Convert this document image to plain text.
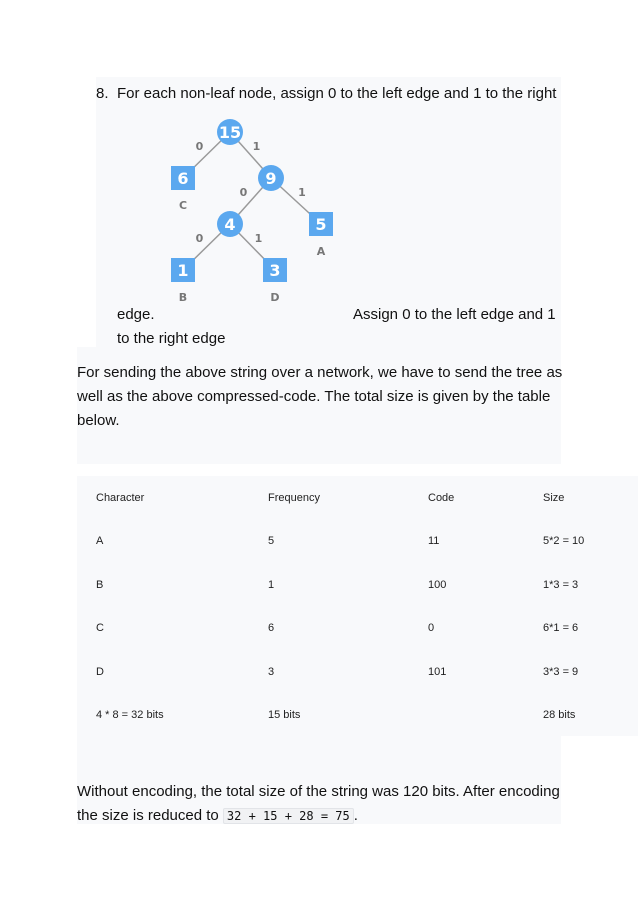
8. For each non-leaf node, assign 0 to the left edge and 1 to the right
0	1
0	1
0	1
15
6
C
9
4	5
A
1
B
3
D
edge.	Assign 0 to the left edge and 1
to the right edge
For sending the above string over a network, we have to send the tree as
well as the above compressed-code. The total size is given by the table
below.
Character	Frequency	Code	Size
A	5	11	5*2 = 10
B	1	100	1*3 = 3
C	6	0	6*1 = 6
D	3	101	3*3 = 9
4 * 8 = 32 bits	15 bits		28 bits
Without encoding, the total size of the string was 120 bits. After encoding
the size is reduced to 32 + 15 + 28 = 75 .
